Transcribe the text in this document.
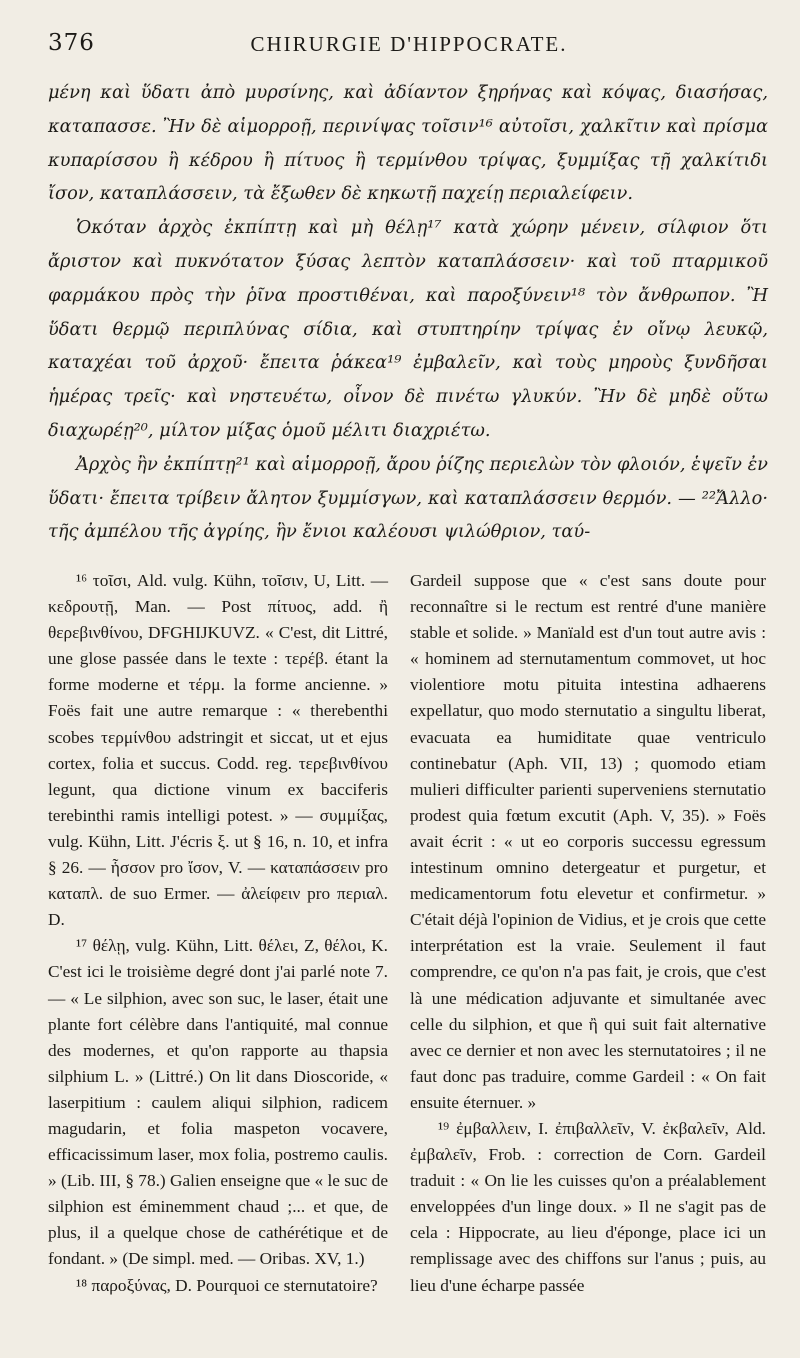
376	CHIRURGIE D'HIPPOCRATE.

μένη καὶ ὕδατι ἀπὸ μυρσίνης, καὶ ἀδίαντον ξηρήνας καὶ κόψας, διασήσας, καταπασσε. Ἢν δὲ αἱμορροῇ, περινίψας τοῖσιν¹⁶ αὐτοῖσι, χαλκῖτιν καὶ πρίσμα κυπαρίσσου ἢ κέδρου ἢ πίτυος ἢ τερμίνθου τρίψας, ξυμμίξας τῇ χαλκίτιδι ἴσον, καταπλάσσειν, τὰ ἔξωθεν δὲ κηκωτῇ παχείῃ περιαλείφειν.

Ὁκόταν ἀρχὸς ἐκπίπτῃ καὶ μὴ θέλῃ¹⁷ κατὰ χώρην μένειν, σίλφιον ὅτι ἄριστον καὶ πυκνότατον ξύσας λεπτὸν καταπλάσσειν· καὶ τοῦ πταρμικοῦ φαρμάκου πρὸς τὴν ῥῖνα προστιθέναι, καὶ παροξύνειν¹⁸ τὸν ἄνθρωπον. Ἢ ὕδατι θερμῷ περιπλύνας σίδια, καὶ στυπτηρίην τρίψας ἐν οἴνῳ λευκῷ, καταχέαι τοῦ ἀρχοῦ· ἔπειτα ῥάκεα¹⁹ ἐμβαλεῖν, καὶ τοὺς μηροὺς ξυνδῆσαι ἡμέρας τρεῖς· καὶ νηστευέτω, οἶνον δὲ πινέτω γλυκύν. Ἢν δὲ μηδὲ οὕτω διαχωρέῃ²⁰, μίλτον μίξας ὁμοῦ μέλιτι διαχριέτω.

Ἀρχὸς ἢν ἐκπίπτῃ²¹ καὶ αἱμορροῇ, ἄρου ῥίζης περιελὼν τὸν φλοιόν, ἑψεῖν ἐν ὕδατι· ἔπειτα τρίβειν ἄλητον ξυμμίσγων, καὶ καταπλάσσειν θερμόν. — ²²Ἄλλο· τῆς ἀμπέλου τῆς ἀγρίης, ἣν ἔνιοι καλέουσι ψιλώθριον, ταύ-

¹⁶ τοῖσι, Ald. vulg. Kühn, τοῖσιν, U, Litt. — κεδρουτῇ, Man. — Post πίτυος, add. ἢ θερεβινθίνου, DFGHIJKUVZ. « C'est, dit Littré, une glose passée dans le texte : τερέβ. étant la forme moderne et τέρμ. la forme ancienne. » Foës fait une autre remarque : « therebenthi scobes τερμίνθου adstringit et siccat, ut et ejus cortex, folia et succus. Codd. reg. τερεβινθίνου legunt, qua dictione vinum ex bacciferis terebinthi ramis intelligi potest. » — συμμίξας, vulg. Kühn, Litt. J'écris ξ. ut § 16, n. 10, et infra § 26. — ἧσσον pro ἴσον, V. — καταπάσσειν pro καταπλ. de suo Ermer. — ἀλείφειν pro περιαλ. D.

¹⁷ θέλῃ, vulg. Kühn, Litt. θέλει, Z, θέλοι, K. C'est ici le troisième degré dont j'ai parlé note 7. — « Le silphion, avec son suc, le laser, était une plante fort célèbre dans l'antiquité, mal connue des modernes, et qu'on rapporte au thapsia silphium L. » (Littré.) On lit dans Dioscoride, « laserpitium : caulem aliqui silphion, radicem magudarin, et folia maspeton vocavere, efficacissimum laser, mox folia, postremo caulis. » (Lib. III, § 78.) Galien enseigne que « le suc de silphion est éminemment chaud ;... et que, de plus, il a quelque chose de cathérétique et de fondant. » (De simpl. med. — Oribas. XV, 1.)

¹⁸ παροξύνας, D. Pourquoi ce sternutatoire?

Gardeil suppose que « c'est sans doute pour reconnaître si le rectum est rentré d'une manière stable et solide. » Manïald est d'un tout autre avis : « hominem ad sternutamentum commovet, ut hoc violentiore motu pituita intestina adhaerens expellatur, quo modo sternutatio a singultu liberat, evacuata ea humiditate quae ventriculo continebatur (Aph. VII, 13) ; quomodo etiam mulieri difficulter parienti superveniens sternutatio prodest quia fœtum excutit (Aph. V, 35). » Foës avait écrit : « ut eo corporis successu egressum intestinum omnino detergeatur et purgetur, et medicamentorum fotu elevetur et confirmetur. » C'était déjà l'opinion de Vidius, et je crois que cette interprétation est la vraie. Seulement il faut comprendre, ce qu'on n'a pas fait, je crois, que c'est là une médication adjuvante et simultanée avec celle du silphion, et que ἢ qui suit fait alternative avec ce dernier et non avec les sternutatoires ; il ne faut donc pas traduire, comme Gardeil : « On fait ensuite éternuer. »

¹⁹ ἐμβαλλειν, I. ἐπιβαλλεῖν, V. ἐκβαλεῖν, Ald. ἐμβαλεῖν, Frob. : correction de Corn. Gardeil traduit : « On lie les cuisses qu'on a préalablement enveloppées d'un linge doux. » Il ne s'agit pas de cela : Hippocrate, au lieu d'éponge, place ici un remplissage avec des chiffons sur l'anus ; puis, au lieu d'une écharpe passée
